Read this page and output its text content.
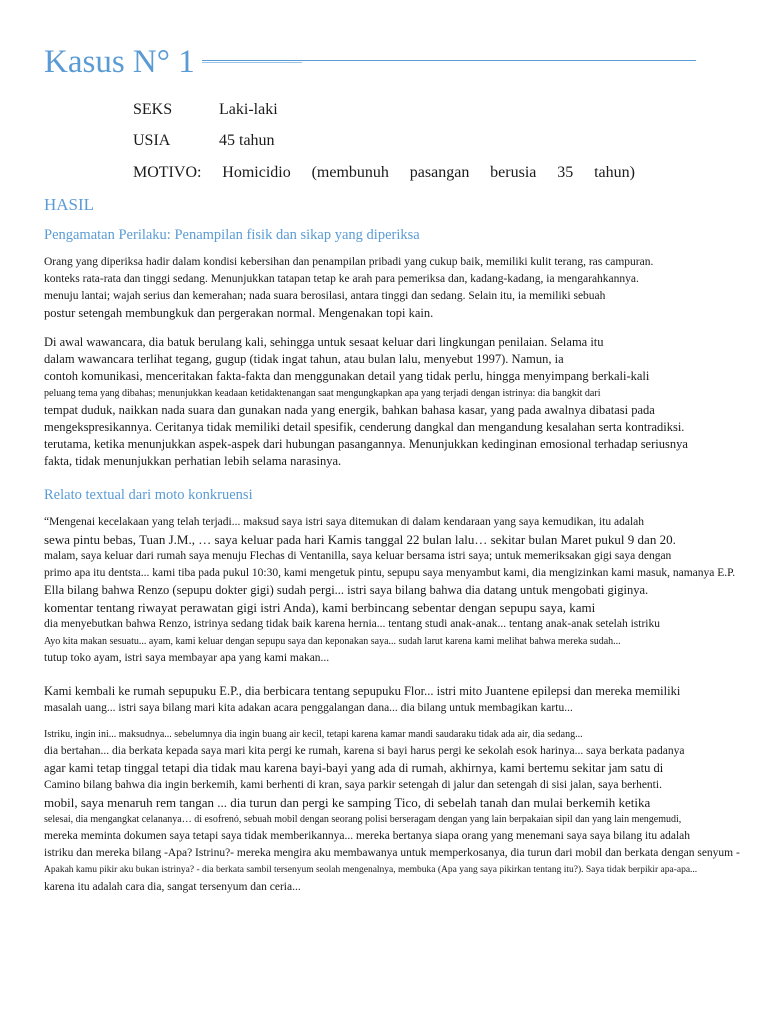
Kasus N° 1
SEKS	Laki-laki
USIA	45 tahun
MOTIVO: Homicidio (membunuh pasangan berusia 35 tahun)
HASIL
Pengamatan Perilaku: Penampilan fisik dan sikap yang diperiksa
Orang yang diperiksa hadir dalam kondisi kebersihan dan penampilan pribadi yang cukup baik, memiliki kulit terang, ras campuran.
konteks rata-rata dan tinggi sedang. Menunjukkan tatapan tetap ke arah para pemeriksa dan, kadang-kadang, ia mengarahkannya.
menuju lantai; wajah serius dan kemerahan; nada suara berosilasi, antara tinggi dan sedang. Selain itu, ia memiliki sebuah
postur setengah membungkuk dan pergerakan normal. Mengenakan topi kain.
Di awal wawancara, dia batuk berulang kali, sehingga untuk sesaat keluar dari lingkungan penilaian. Selama itu
dalam wawancara terlihat tegang, gugup (tidak ingat tahun, atau bulan lalu, menyebut 1997). Namun, ia
contoh komunikasi, menceritakan fakta-fakta dan menggunakan detail yang tidak perlu, hingga menyimpang berkali-kali
peluang tema yang dibahas; menunjukkan keadaan ketidaktenangan saat mengungkapkan apa yang terjadi dengan istrinya: dia bangkit dari
tempat duduk, naikkan nada suara dan gunakan nada yang energik, bahkan bahasa kasar, yang pada awalnya dibatasi pada
mengekspresikannya. Ceritanya tidak memiliki detail spesifik, cenderung dangkal dan mengandung kesalahan serta kontradiksi.
terutama, ketika menunjukkan aspek-aspek dari hubungan pasangannya. Menunjukkan kedinginan emosional terhadap seriusnya
fakta, tidak menunjukkan perhatian lebih selama narasinya.
Relato textual dari moto konkruensi
“Mengenai kecelakaan yang telah terjadi... maksud saya istri saya ditemukan di dalam kendaraan yang saya kemudikan, itu adalah
sewa pintu bebas, Tuan J.M., … saya keluar pada hari Kamis tanggal 22 bulan lalu… sekitar bulan Maret pukul 9 dan 20.
malam, saya keluar dari rumah saya menuju Flechas di Ventanilla, saya keluar bersama istri saya; untuk memeriksakan gigi saya dengan
primo apa itu dentsta... kami tiba pada pukul 10:30, kami mengetuk pintu, sepupu saya menyambut kami, dia mengizinkan kami masuk, namanya E.P.
Ella bilang bahwa Renzo (sepupu dokter gigi) sudah pergi... istri saya bilang bahwa dia datang untuk mengobati giginya.
komentar tentang riwayat perawatan gigi istri Anda), kami berbincang sebentar dengan sepupu saya, kami
dia menyebutkan bahwa Renzo, istrinya sedang tidak baik karena hernia... tentang studi anak-anak... tentang anak-anak setelah istriku
Ayo kita makan sesuatu... ayam, kami keluar dengan sepupu saya dan keponakan saya... sudah larut karena kami melihat bahwa mereka sudah...
tutup toko ayam, istri saya membayar apa yang kami makan...
Kami kembali ke rumah sepupuku E.P., dia berbicara tentang sepupuku Flor... istri mito Juantene epilepsi dan mereka memiliki
masalah uang... istri saya bilang mari kita adakan acara penggalangan dana... dia bilang untuk membagikan kartu...
Istriku, ingin ini... maksudnya... sebelumnya dia ingin buang air kecil, tetapi karena kamar mandi saudaraku tidak ada air, dia sedang...
dia bertahan... dia berkata kepada saya mari kita pergi ke rumah, karena si bayi harus pergi ke sekolah esok harinya... saya berkata padanya
agar kami tetap tinggal tetapi dia tidak mau karena bayi-bayi yang ada di rumah, akhirnya, kami bertemu sekitar jam satu di
Camino bilang bahwa dia ingin berkemih, kami berhenti di kran, saya parkir setengah di jalur dan setengah di sisi jalan, saya berhenti.
mobil, saya menaruh rem tangan ... dia turun dan pergi ke samping Tico, di sebelah tanah dan mulai berkemih ketika
selesai, dia mengangkat celananya… di esofrenó, sebuah mobil dengan seorang polisi berseragam dengan yang lain berpakaian sipil dan yang lain mengemudi,
mereka meminta dokumen saya tetapi saya tidak memberikannya... mereka bertanya siapa orang yang menemani saya saya bilang itu adalah
istriku dan mereka bilang -Apa? Istrinu?- mereka mengira aku membawanya untuk memperkosanya, dia turun dari mobil dan berkata dengan senyum -
Apakah kamu pikir aku bukan istrinya? - dia berkata sambil tersenyum seolah mengenalnya, membuka (Apa yang saya pikirkan tentang itu?). Saya tidak berpikir apa-apa...
karena itu adalah cara dia, sangat tersenyum dan ceria...
